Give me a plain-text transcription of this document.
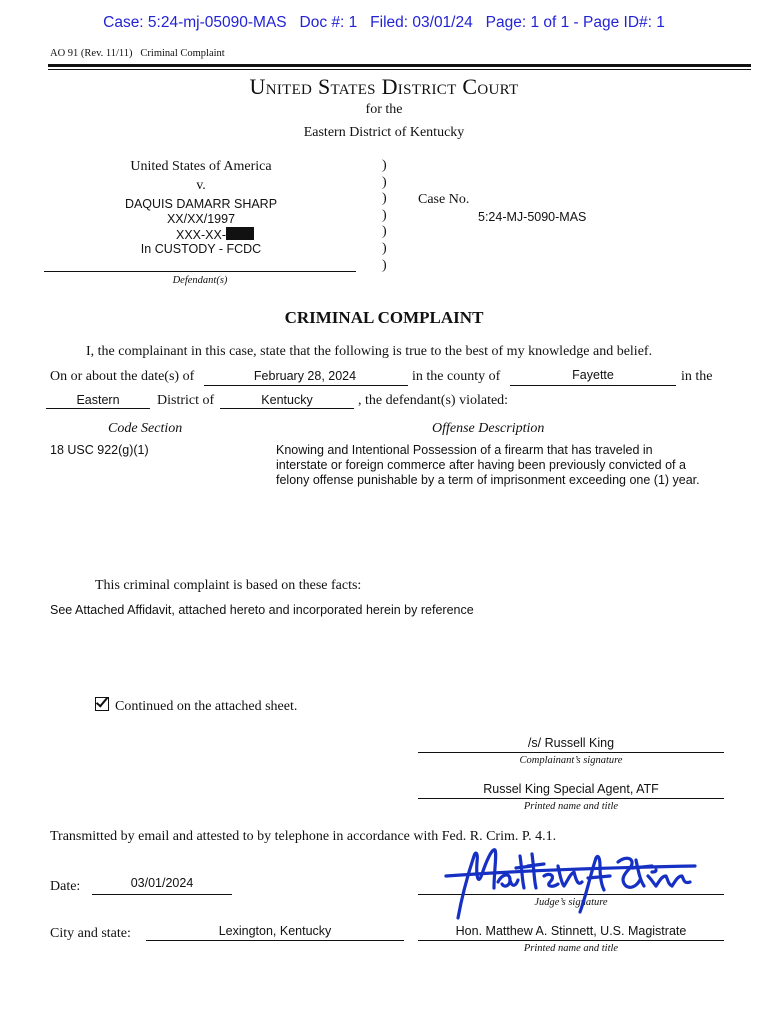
Case: 5:24-mj-05090-MAS   Doc #: 1   Filed: 03/01/24   Page: 1 of 1 - Page ID#: 1
AO 91 (Rev. 11/11)   Criminal Complaint
United States District Court
for the
Eastern District of Kentucky
United States of America
v.
DAQUIS DAMARR SHARP
XX/XX/1997
XXX-XX-
In CUSTODY - FCDC
Defendant(s)
)
)
)
)
)
)
)
Case No.
5:24-MJ-5090-MAS
CRIMINAL COMPLAINT
I, the complainant in this case, state that the following is true to the best of my knowledge and belief.
On or about the date(s) of	February 28, 2024	in the county of	Fayette	in the
Eastern	District of	Kentucky	, the defendant(s) violated:
Code Section	Offense Description
18 USC 922(g)(1)	Knowing and Intentional Possession of a firearm that has traveled in
interstate or foreign commerce after having been previously convicted of a
felony offense punishable by a term of imprisonment exceeding one (1) year.
This criminal complaint is based on these facts:
See Attached Affidavit, attached hereto and incorporated herein by reference
Continued on the attached sheet.
/s/ Russell King
Complainant’s signature
Russel King Special Agent, ATF
Printed name and title
Transmitted by email and attested to by telephone in accordance with Fed. R. Crim. P. 4.1.
Date:	03/01/2024
City and state:	Lexington, Kentucky
Judge’s signature
Hon. Matthew A. Stinnett, U.S. Magistrate
Printed name and title
